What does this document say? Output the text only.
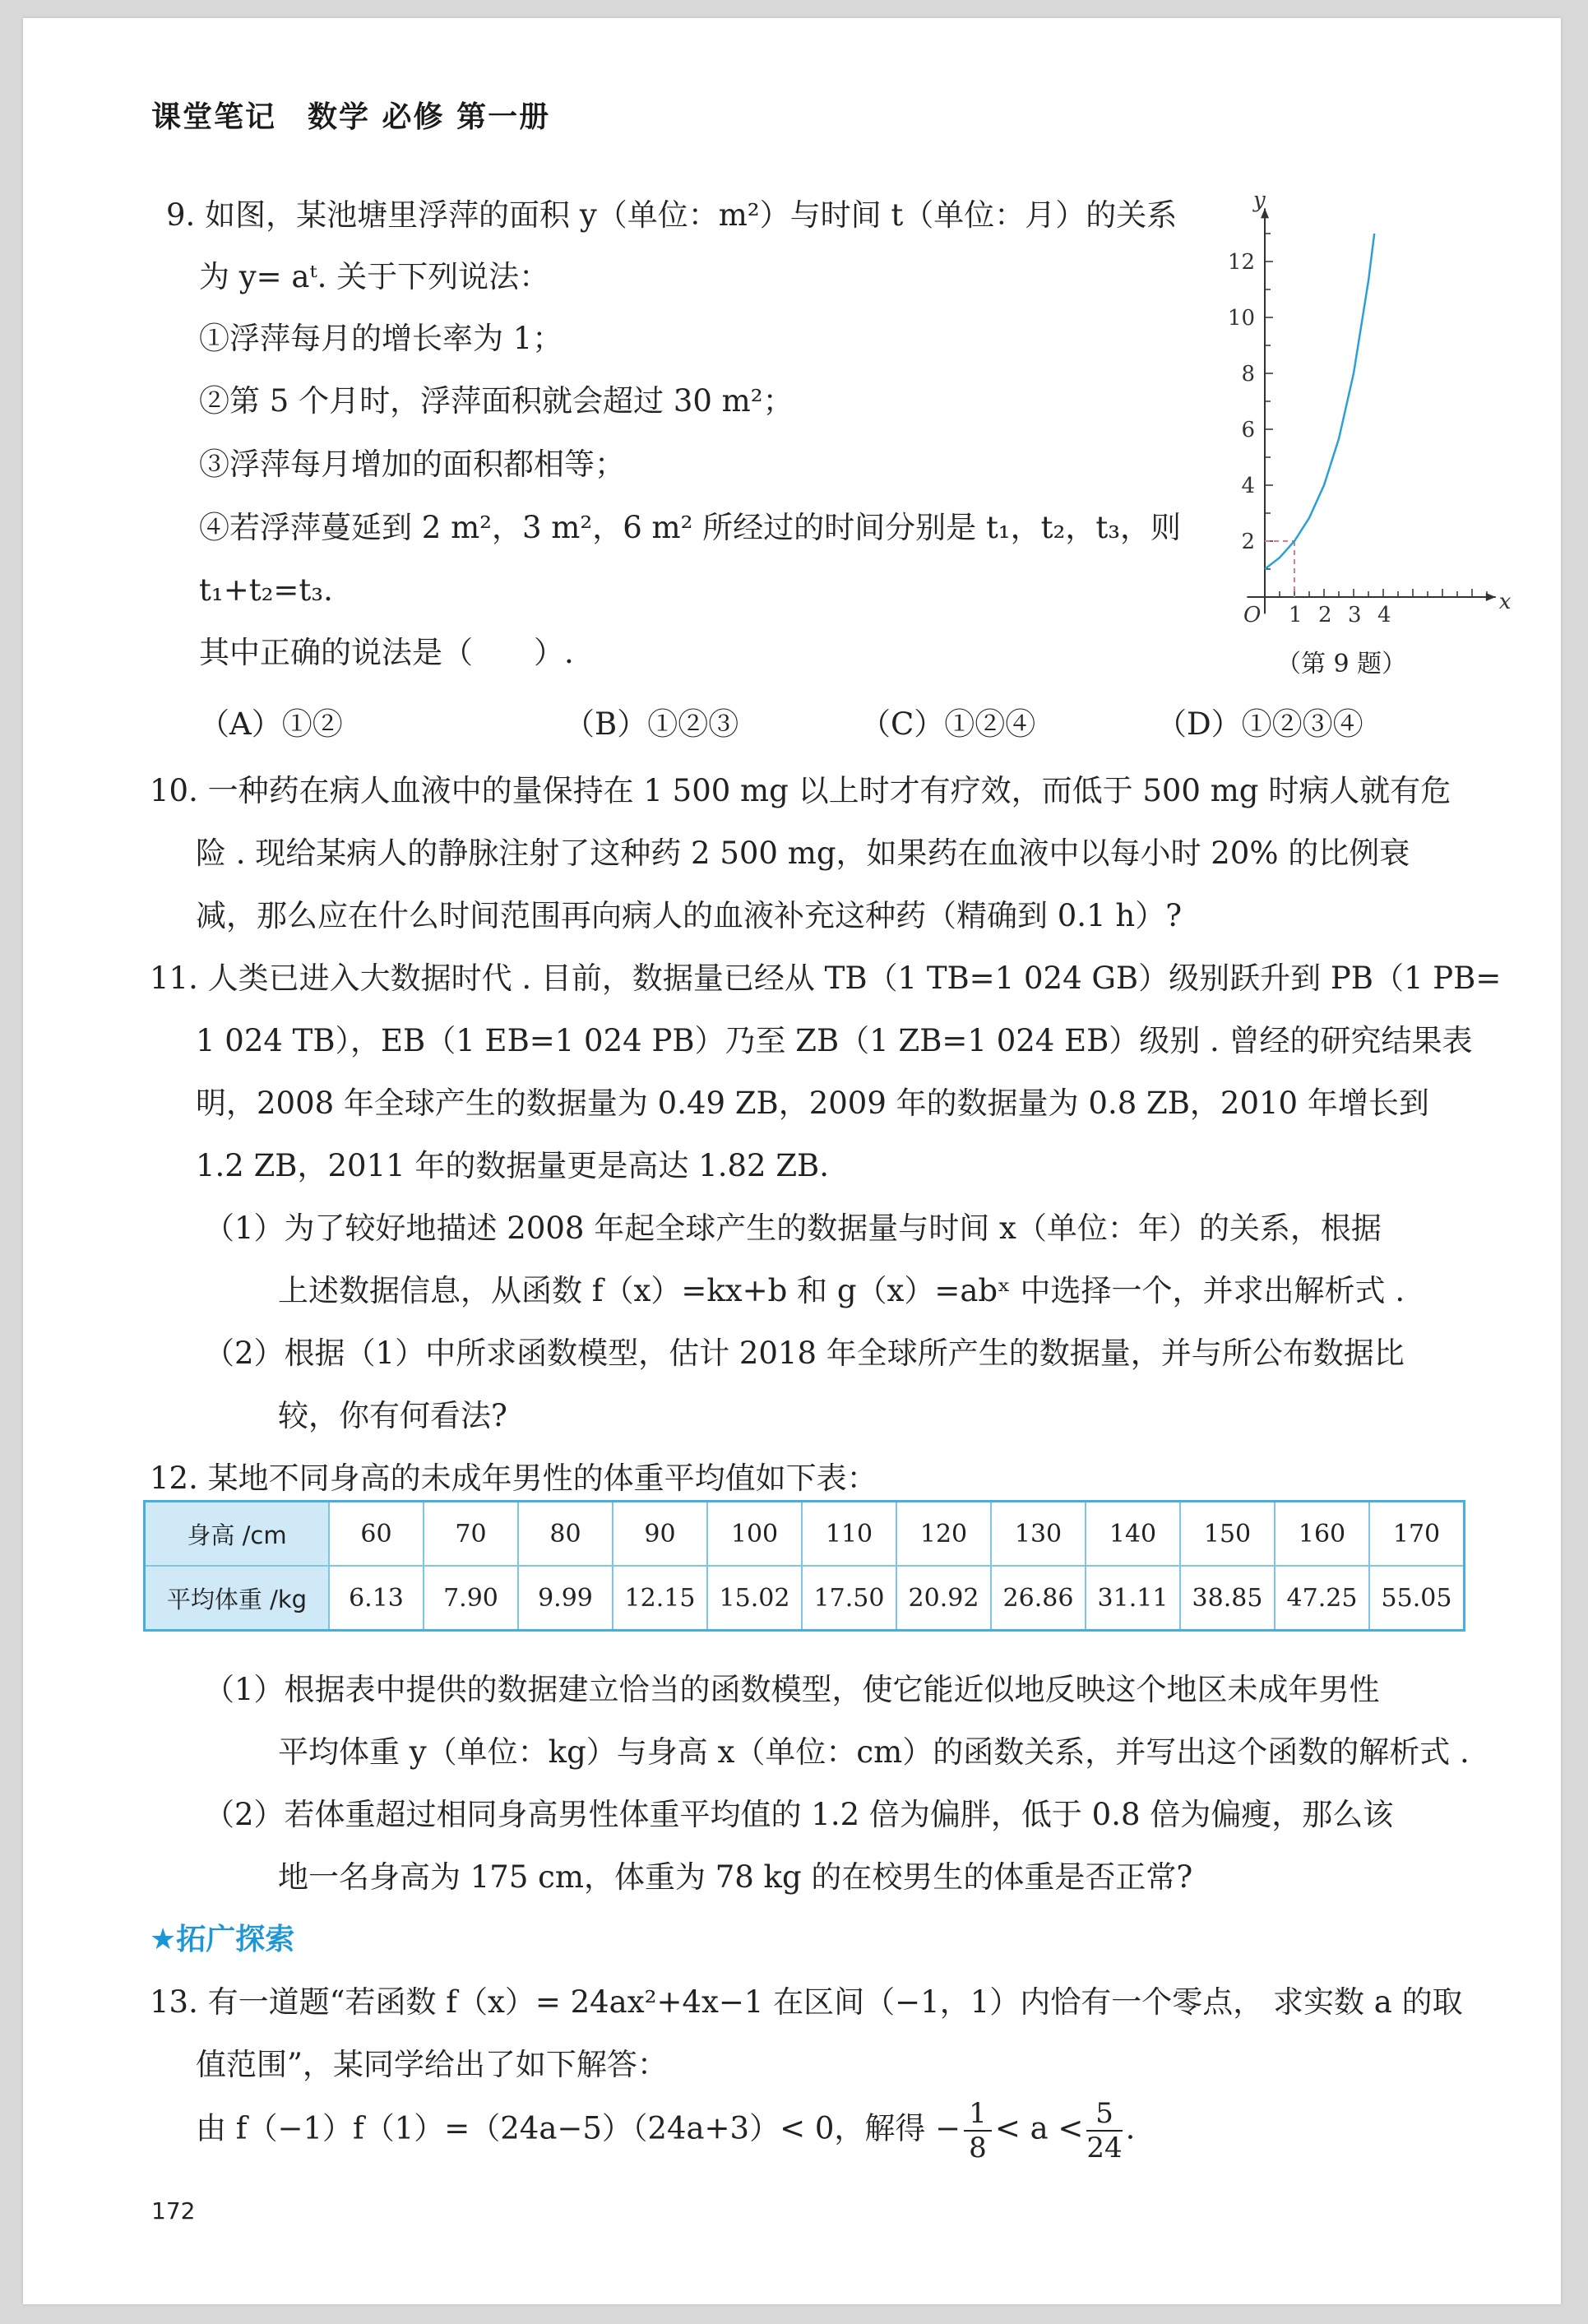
课堂笔记　数学 必修 第一册
9. 如图，某池塘里浮萍的面积 y（单位：m²）与时间 t（单位：月）的关系
为 y= aᵗ. 关于下列说法：
①浮萍每月的增长率为 1；
②第 5 个月时，浮萍面积就会超过 30 m²；
③浮萍每月增加的面积都相等；
④若浮萍蔓延到 2 m²，3 m²，6 m² 所经过的时间分别是 t₁，t₂，t₃，则
t₁+t₂=t₃.
其中正确的说法是（　　）.
（A）①②	（B）①②③	（C）①②④	（D）①②③④
x
y
O 1 2 3 4
2
4
6
8
10
12
（第 9 题）
10. 一种药在病人血液中的量保持在 1 500 mg 以上时才有疗效，而低于 500 mg 时病人就有危
险 . 现给某病人的静脉注射了这种药 2 500 mg，如果药在血液中以每小时 20% 的比例衰
减，那么应在什么时间范围再向病人的血液补充这种药（精确到 0.1 h）?
11. 人类已进入大数据时代 . 目前，数据量已经从 TB（1 TB=1 024 GB）级别跃升到 PB（1 PB=
1 024 TB），EB（1 EB=1 024 PB）乃至 ZB（1 ZB=1 024 EB）级别 . 曾经的研究结果表
明，2008 年全球产生的数据量为 0.49 ZB，2009 年的数据量为 0.8 ZB，2010 年增长到
1.2 ZB，2011 年的数据量更是高达 1.82 ZB.
（1）为了较好地描述 2008 年起全球产生的数据量与时间 x（单位：年）的关系，根据
上述数据信息，从函数 f（x）=kx+b 和 g（x）=abˣ 中选择一个，并求出解析式 .
（2）根据（1）中所求函数模型，估计 2018 年全球所产生的数据量，并与所公布数据比
较，你有何看法?
12. 某地不同身高的未成年男性的体重平均值如下表：
身高 /cm	60	70	80	90	100	110	120	130	140	150	160	170
平均体重 /kg	6.13	7.90	9.99	12.15	15.02	17.50	20.92	26.86	31.11	38.85	47.25	55.05
（1）根据表中提供的数据建立恰当的函数模型，使它能近似地反映这个地区未成年男性
平均体重 y（单位：kg）与身高 x（单位：cm）的函数关系，并写出这个函数的解析式 .
（2）若体重超过相同身高男性体重平均值的 1.2 倍为偏胖，低于 0.8 倍为偏瘦，那么该
地一名身高为 175 cm，体重为 78 kg 的在校男生的体重是否正常?
★拓广探索
13. 有一道题“若函数 f（x）= 24ax²+4x−1 在区间（−1，1）内恰有一个零点， 求实数 a 的取
值范围”，某同学给出了如下解答：
由 f（−1）f（1）=（24a−5）（24a+3）< 0，解得 − $\frac{1}{8} < a < \frac{5}{24}$ .
172
